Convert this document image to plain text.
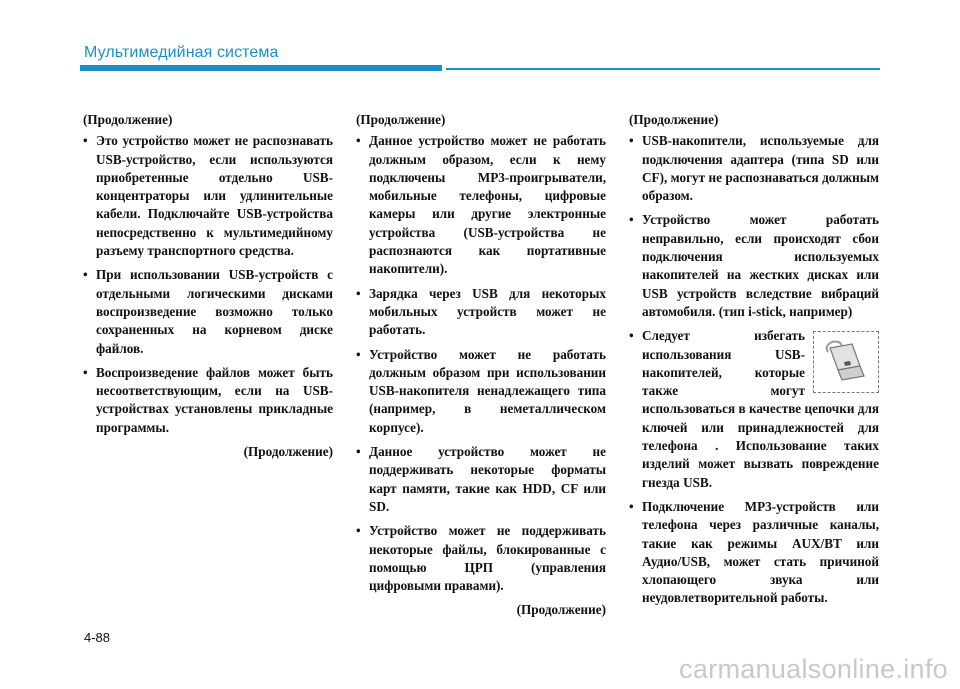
Мультимедийная система
(Продолжение)
• Это устройство может не распознавать USB-устройство, если используются приобретенные отдельно USB-концентраторы или удлинительные кабели. Подключайте USB-устройства непосредственно к мультимедийному разъему транспортного средства.
• При использовании USB-устройств с отдельными логическими дисками воспроизведение возможно только сохраненных на корневом диске файлов.
• Воспроизведение файлов может быть несоответствующим, если на USB-устройствах установлены прикладные программы.
(Продолжение)
(Продолжение)
• Данное устройство может не работать должным образом, если к нему подключены MP3-проигрыватели, мобильные телефоны, цифровые камеры или другие электронные устройства (USB-устройства не распознаются как портативные накопители).
• Зарядка через USB для некоторых мобильных устройств может не работать.
• Устройство может не работать должным образом при использовании USB-накопителя ненадлежащего типа (например, в неметаллическом корпусе).
• Данное устройство может не поддерживать некоторые форматы карт памяти, такие как HDD, CF или SD.
• Устройство может не поддерживать некоторые файлы, блокированные с помощью ЦРП (управления цифровыми правами).
(Продолжение)
(Продолжение)
• USB-накопители, используемые для подключения адаптера (типа SD или CF), могут не распознаваться должным образом.
• Устройство может работать неправильно, если происходят сбои подключения используемых накопителей на жестких дисках или USB устройств вследствие вибраций автомобиля. (тип i-stick, например)
• Следует избегать использования USB-накопителей, которые также могут использоваться в качестве цепочки для ключей или принадлежностей для телефона . Использование таких изделий может вызвать повреждение гнезда USB.
• Подключение MP3-устройств или телефона через различные каналы, такие как режимы AUX/BT или Аудио/USB, может стать причиной хлопающего звука или неудовлетворительной работы.
4-88
carmanualsonline.info
